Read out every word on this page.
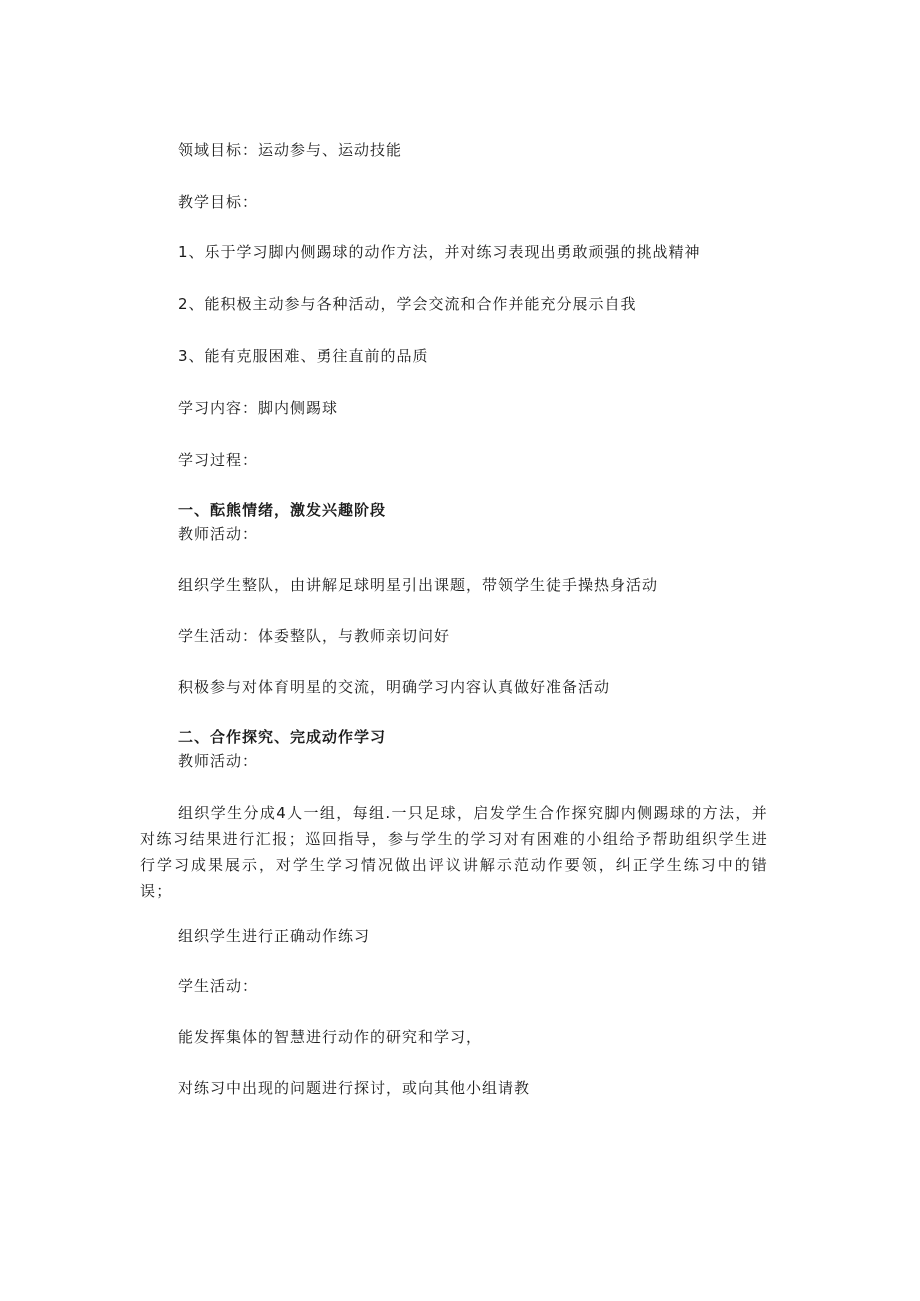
领域目标：运动参与、运动技能
教学目标：
1、乐于学习脚内侧踢球的动作方法，并对练习表现出勇敢顽强的挑战精神
2、能积极主动参与各种活动，学会交流和合作并能充分展示自我
3、能有克服困难、勇往直前的品质
学习内容：脚内侧踢球
学习过程：
一、酝熊情绪，激发兴趣阶段
教师活动：
组织学生整队，由讲解足球明星引出课题，带领学生徒手操热身活动
学生活动：体委整队，与教师亲切问好
积极参与对体育明星的交流，明确学习内容认真做好准备活动
二、合作探究、完成动作学习
教师活动：
组织学生分成4人一组，每组.一只足球，启发学生合作探究脚内侧踢球的方法，并对练习结果进行汇报；巡回指导，参与学生的学习对有困难的小组给予帮助组织学生进行学习成果展示，对学生学习情况做出评议讲解示范动作要领，纠正学生练习中的错误；
组织学生进行正确动作练习
学生活动：
能发挥集体的智慧进行动作的研究和学习，
对练习中出现的问题进行探讨，或向其他小组请教
